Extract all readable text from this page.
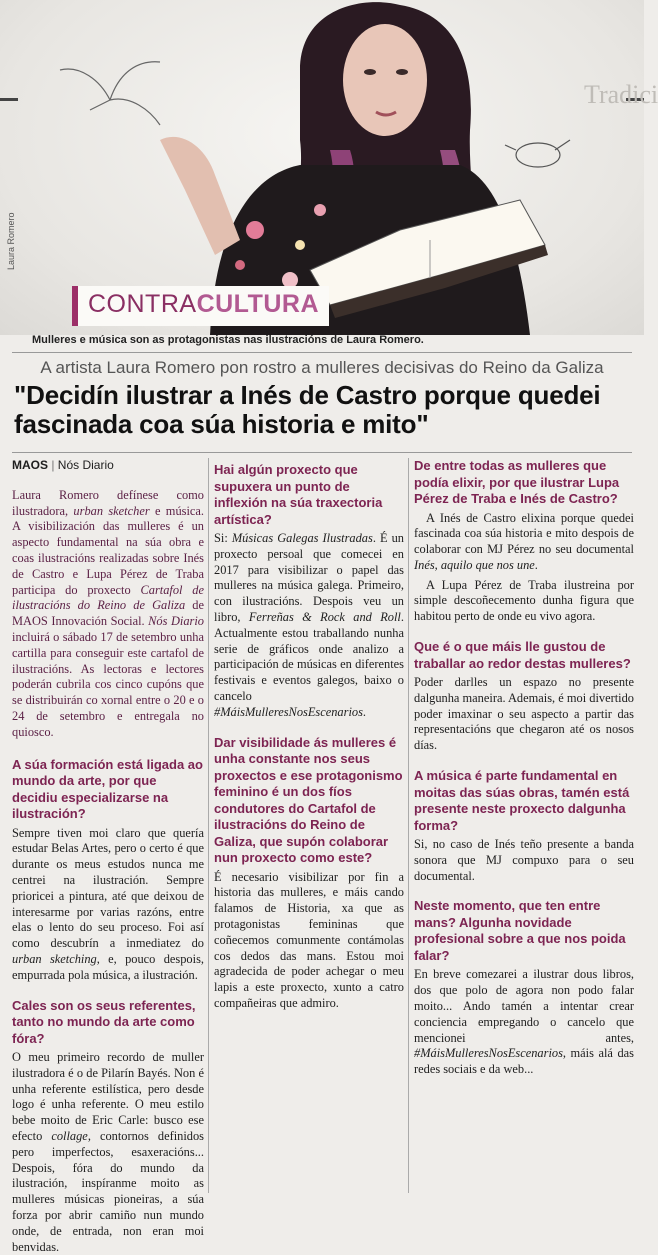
Tradici
Laura Romero
CONTRACULTURA
Mulleres e música son as protagonistas nas ilustracións de Laura Romero.
A artista Laura Romero pon rostro a mulleres decisivas do Reino da Galiza
"Decidín ilustrar a Inés de Castro porque quedei fascinada coa súa historia e mito"
MAOS | Nós Diario

Laura Romero defínese como ilustradora, urban sketcher e música. A visibilización das mulleres é un aspecto fundamental na súa obra e coas ilustracións realizadas sobre Inés de Castro e Lupa Pérez de Traba participa do proxecto Cartafol de ilustracións do Reino de Galiza de MAOS Innovación Social. Nós Diario incluirá o sábado 17 de setembro unha cartilla para conseguir este cartafol de ilustracións. As lectoras e lectores poderán cubrila cos cinco cupóns que se distribuirán co xornal entre o 20 e o 24 de setembro e entregala no quiosco.

A súa formación está ligada ao mundo da arte, por que decidiu especializarse na ilustración?

Sempre tiven moi claro que quería estudar Belas Artes, pero o certo é que durante os meus estudos nunca me centrei na ilustración. Sempre prioricei a pintura, até que deixou de interesarme por varias razóns, entre elas o lento do seu proceso. Foi así como descubrín a inmediatez do urban sketching, e, pouco despois, empurrada pola música, a ilustración.

Cales son os seus referentes, tanto no mundo da arte como fóra?

O meu primeiro recordo de muller ilustradora é o de Pilarín Bayés. Non é unha referente estilística, pero desde logo é unha referente. O meu estilo bebe moito de Eric Carle: busco ese efecto collage, contornos definidos pero imperfectos, esaxeracións... Despois, fóra do mundo da ilustración, inspíranme moito as mulleres músicas pioneiras, a súa forza por abrir camiño nun mundo onde, de entrada, non eran moi benvidas.

Hai algún proxecto que supuxera un punto de inflexión na súa traxectoria artística?

Si: Músicas Galegas Ilustradas. É un proxecto persoal que comecei en 2017 para visibilizar o papel das mulleres na música galega. Primeiro, con ilustracións. Despois veu un libro, Ferreñas & Rock and Roll. Actualmente estou traballando nunha serie de gráficos onde analizo a participación de músicas en diferentes festivais e eventos galegos, baixo o cancelo #MáisMulleresNosEscenarios.

Dar visibilidade ás mulleres é unha constante nos seus proxectos e ese protagonismo feminino é un dos fíos condutores do Cartafol de ilustracións do Reino de Galiza, que supón colaborar nun proxecto como este?

É necesario visibilizar por fin a historia das mulleres, e máis cando falamos de Historia, xa que as protagonistas femininas que coñecemos comunmente contámolas cos dedos das mans. Estou moi agradecida de poder achegar o meu lapis a este proxecto, xunto a catro compañeiras que admiro.

De entre todas as mulleres que podía elixir, por que ilustrar Lupa Pérez de Traba e Inés de Castro?

A Inés de Castro elixina porque quedei fascinada coa súa historia e mito despois de colaborar con MJ Pérez no seu documental Inés, aquilo que nos une.

A Lupa Pérez de Traba ilustreina por simple descoñecemento dunha figura que habitou perto de onde eu vivo agora.

Que é o que máis lle gustou de traballar ao redor destas mulleres?

Poder darlles un espazo no presente dalgunha maneira. Ademais, é moi divertido poder imaxinar o seu aspecto a partir das representacións que chegaron até os nosos días.

A música é parte fundamental en moitas das súas obras, tamén está presente neste proxecto dalgunha forma?

Si, no caso de Inés teño presente a banda sonora que MJ compuxo para o seu documental.

Neste momento, que ten entre mans? Algunha novidade profesional sobre a que nos poida falar?

En breve comezarei a ilustrar dous libros, dos que polo de agora non podo falar moito... Ando tamén a intentar crear conciencia empregando o cancelo que mencionei antes, #MáisMulleresNosEscenarios, máis alá das redes sociais e da web...
